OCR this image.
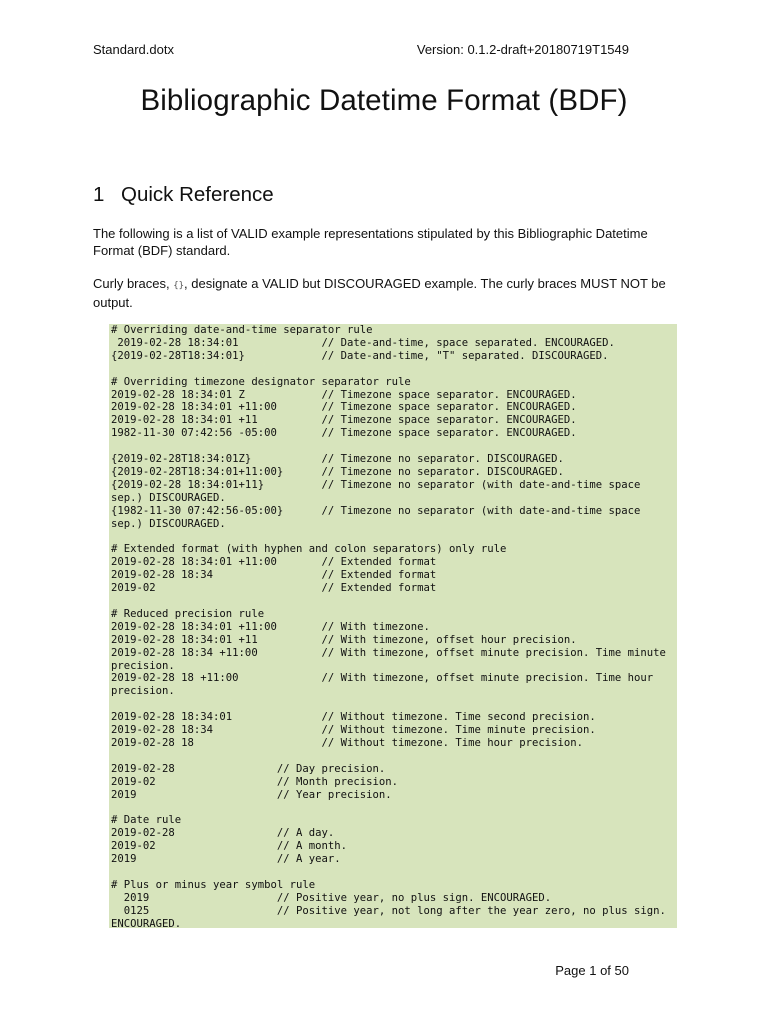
Standard.dotx	Version: 0.1.2-draft+20180719T1549
Bibliographic Datetime Format (BDF)
1 Quick Reference

The following is a list of VALID example representations stipulated by this Bibliographic Datetime Format (BDF) standard.

Curly braces, {}, designate a VALID but DISCOURAGED example. The curly braces MUST NOT be output.

# Overriding date-and-time separator rule
2019-02-28 18:34:01             // Date-and-time, space separated. ENCOURAGED.
{2019-02-28T18:34:01}            // Date-and-time, "T" separated. DISCOURAGED.
# Overriding timezone designator separator rule
2019-02-28 18:34:01 Z            // Timezone space separator. ENCOURAGED.
2019-02-28 18:34:01 +11:00       // Timezone space separator. ENCOURAGED.
2019-02-28 18:34:01 +11          // Timezone space separator. ENCOURAGED.
1982-11-30 07:42:56 -05:00       // Timezone space separator. ENCOURAGED.
{2019-02-28T18:34:01Z}           // Timezone no separator. DISCOURAGED.
{2019-02-28T18:34:01+11:00}      // Timezone no separator. DISCOURAGED.
{2019-02-28 18:34:01+11}         // Timezone no separator (with date-and-time space
sep.) DISCOURAGED.
{1982-11-30 07:42:56-05:00}      // Timezone no separator (with date-and-time space
sep.) DISCOURAGED.
# Extended format (with hyphen and colon separators) only rule
2019-02-28 18:34:01 +11:00       // Extended format
2019-02-28 18:34                 // Extended format
2019-02                          // Extended format
# Reduced precision rule
2019-02-28 18:34:01 +11:00       // With timezone.
2019-02-28 18:34:01 +11          // With timezone, offset hour precision.
2019-02-28 18:34 +11:00          // With timezone, offset minute precision. Time minute
precision.
2019-02-28 18 +11:00             // With timezone, offset minute precision. Time hour
precision.
2019-02-28 18:34:01              // Without timezone. Time second precision.
2019-02-28 18:34                 // Without timezone. Time minute precision.
2019-02-28 18                    // Without timezone. Time hour precision.
2019-02-28                // Day precision.
2019-02                   // Month precision.
2019                      // Year precision.
# Date rule
2019-02-28                // A day.
2019-02                   // A month.
2019                      // A year.
# Plus or minus year symbol rule
2019                    // Positive year, no plus sign. ENCOURAGED.
0125                    // Positive year, not long after the year zero, no plus sign.
ENCOURAGED.
Page 1 of 50
